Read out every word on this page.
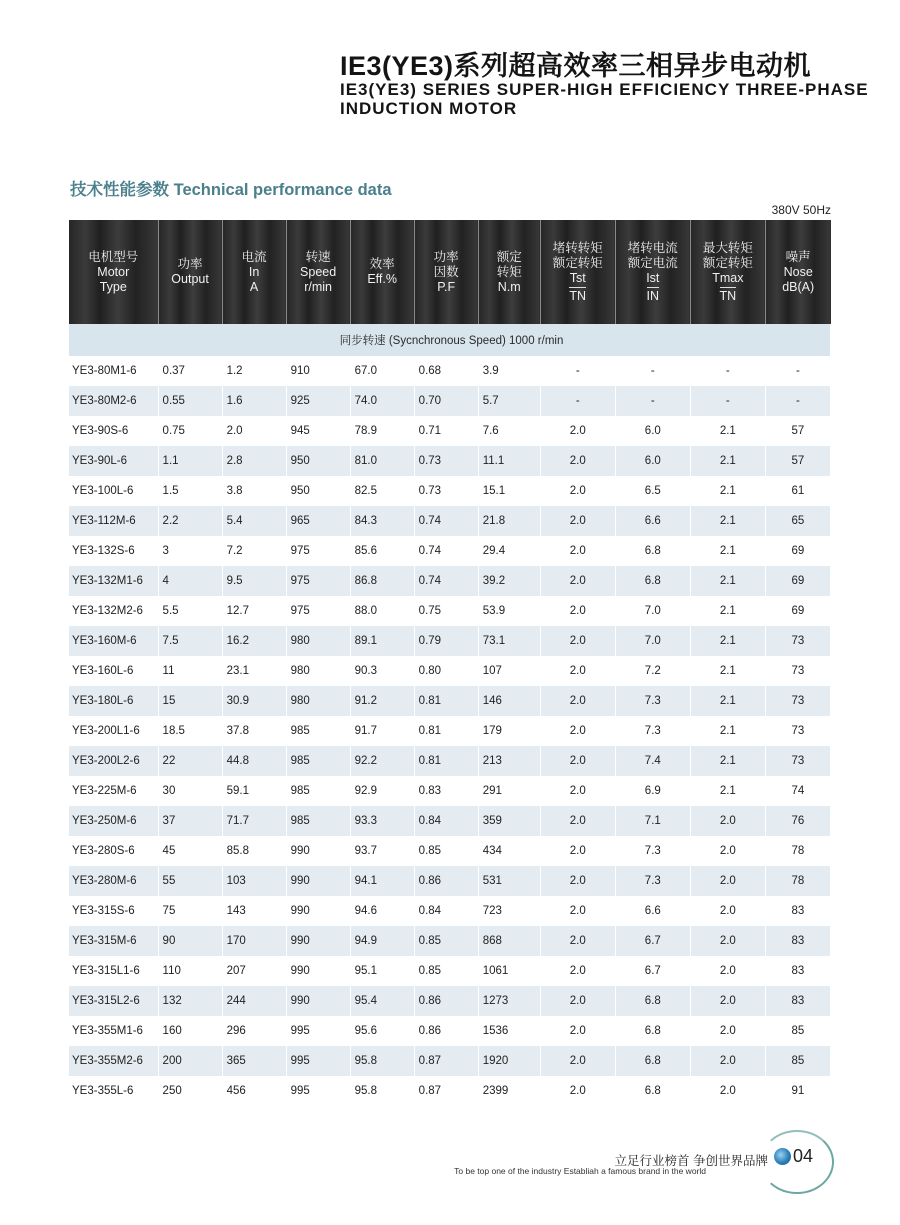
IE3(YE3)系列超高效率三相异步电动机
IE3(YE3) SERIES SUPER-HIGH EFFICIENCY THREE-PHASE INDUCTION MOTOR
技术性能参数 Technical performance data
380V 50Hz
电机型号
Motor
Type	功率
Output	电流
In
A	转速
Speed
r/min	效率
Eff.%	功率
因数
P.F	额定
转矩
N.m	堵转转矩
额定转矩
Tst
TN	堵转电流
额定电流
Ist
IN	最大转矩
额定转矩
Tmax
TN	噪声
Nose
dB(A)
同步转速 (Sycnchronous Speed) 1000 r/min										
YE3-80M1-6	0.37	1.2	910	67.0	0.68	3.9	-	-	-	-
YE3-80M2-6	0.55	1.6	925	74.0	0.70	5.7	-	-	-	-
YE3-90S-6	0.75	2.0	945	78.9	0.71	7.6	2.0	6.0	2.1	57
YE3-90L-6	1.1	2.8	950	81.0	0.73	11.1	2.0	6.0	2.1	57
YE3-100L-6	1.5	3.8	950	82.5	0.73	15.1	2.0	6.5	2.1	61
YE3-112M-6	2.2	5.4	965	84.3	0.74	21.8	2.0	6.6	2.1	65
YE3-132S-6	3	7.2	975	85.6	0.74	29.4	2.0	6.8	2.1	69
YE3-132M1-6	4	9.5	975	86.8	0.74	39.2	2.0	6.8	2.1	69
YE3-132M2-6	5.5	12.7	975	88.0	0.75	53.9	2.0	7.0	2.1	69
YE3-160M-6	7.5	16.2	980	89.1	0.79	73.1	2.0	7.0	2.1	73
YE3-160L-6	11	23.1	980	90.3	0.80	107	2.0	7.2	2.1	73
YE3-180L-6	15	30.9	980	91.2	0.81	146	2.0	7.3	2.1	73
YE3-200L1-6	18.5	37.8	985	91.7	0.81	179	2.0	7.3	2.1	73
YE3-200L2-6	22	44.8	985	92.2	0.81	213	2.0	7.4	2.1	73
YE3-225M-6	30	59.1	985	92.9	0.83	291	2.0	6.9	2.1	74
YE3-250M-6	37	71.7	985	93.3	0.84	359	2.0	7.1	2.0	76
YE3-280S-6	45	85.8	990	93.7	0.85	434	2.0	7.3	2.0	78
YE3-280M-6	55	103	990	94.1	0.86	531	2.0	7.3	2.0	78
YE3-315S-6	75	143	990	94.6	0.84	723	2.0	6.6	2.0	83
YE3-315M-6	90	170	990	94.9	0.85	868	2.0	6.7	2.0	83
YE3-315L1-6	110	207	990	95.1	0.85	1061	2.0	6.7	2.0	83
YE3-315L2-6	132	244	990	95.4	0.86	1273	2.0	6.8	2.0	83
YE3-355M1-6	160	296	995	95.6	0.86	1536	2.0	6.8	2.0	85
YE3-355M2-6	200	365	995	95.8	0.87	1920	2.0	6.8	2.0	85
YE3-355L-6	250	456	995	95.8	0.87	2399	2.0	6.8	2.0	91
立足行业榜首 争创世界品牌
To be top one of the industry Establiah a famous brand in the world
04
